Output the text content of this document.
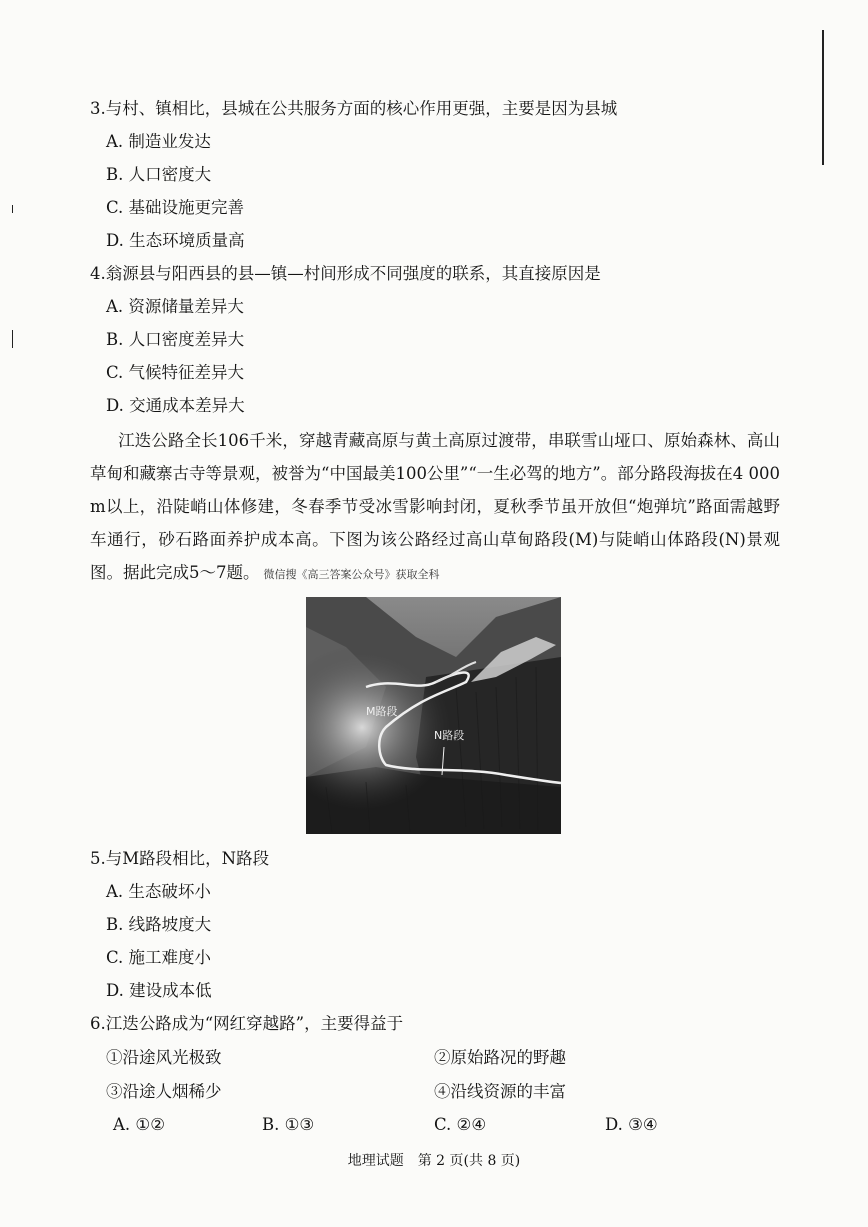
3.与村、镇相比，县城在公共服务方面的核心作用更强，主要是因为县城
A. 制造业发达
B. 人口密度大
C. 基础设施更完善
D. 生态环境质量高
4.翁源县与阳西县的县—镇—村间形成不同强度的联系，其直接原因是
A. 资源储量差异大
B. 人口密度差异大
C. 气候特征差异大
D. 交通成本差异大
江迭公路全长106千米，穿越青藏高原与黄土高原过渡带，串联雪山垭口、原始森林、高山草甸和藏寨古寺等景观，被誉为“中国最美100公里”“一生必驾的地方”。部分路段海拔在4 000 m以上，沿陡峭山体修建，冬春季节受冰雪影响封闭，夏秋季节虽开放但“炮弹坑”路面需越野车通行，砂石路面养护成本高。下图为该公路经过高山草甸路段(M)与陡峭山体路段(N)景观图。据此完成5～7题。 微信搜《高三答案公众号》获取全科
M路段
N路段
5.与M路段相比，N路段
A. 生态破坏小
B. 线路坡度大
C. 施工难度小
D. 建设成本低
6.江迭公路成为“网红穿越路”，主要得益于
①沿途风光极致	②原始路况的野趣
③沿途人烟稀少	④沿线资源的丰富
A. ①②	B. ①③	C. ②④	D. ③④
地理试题　第 2 页(共 8 页)
